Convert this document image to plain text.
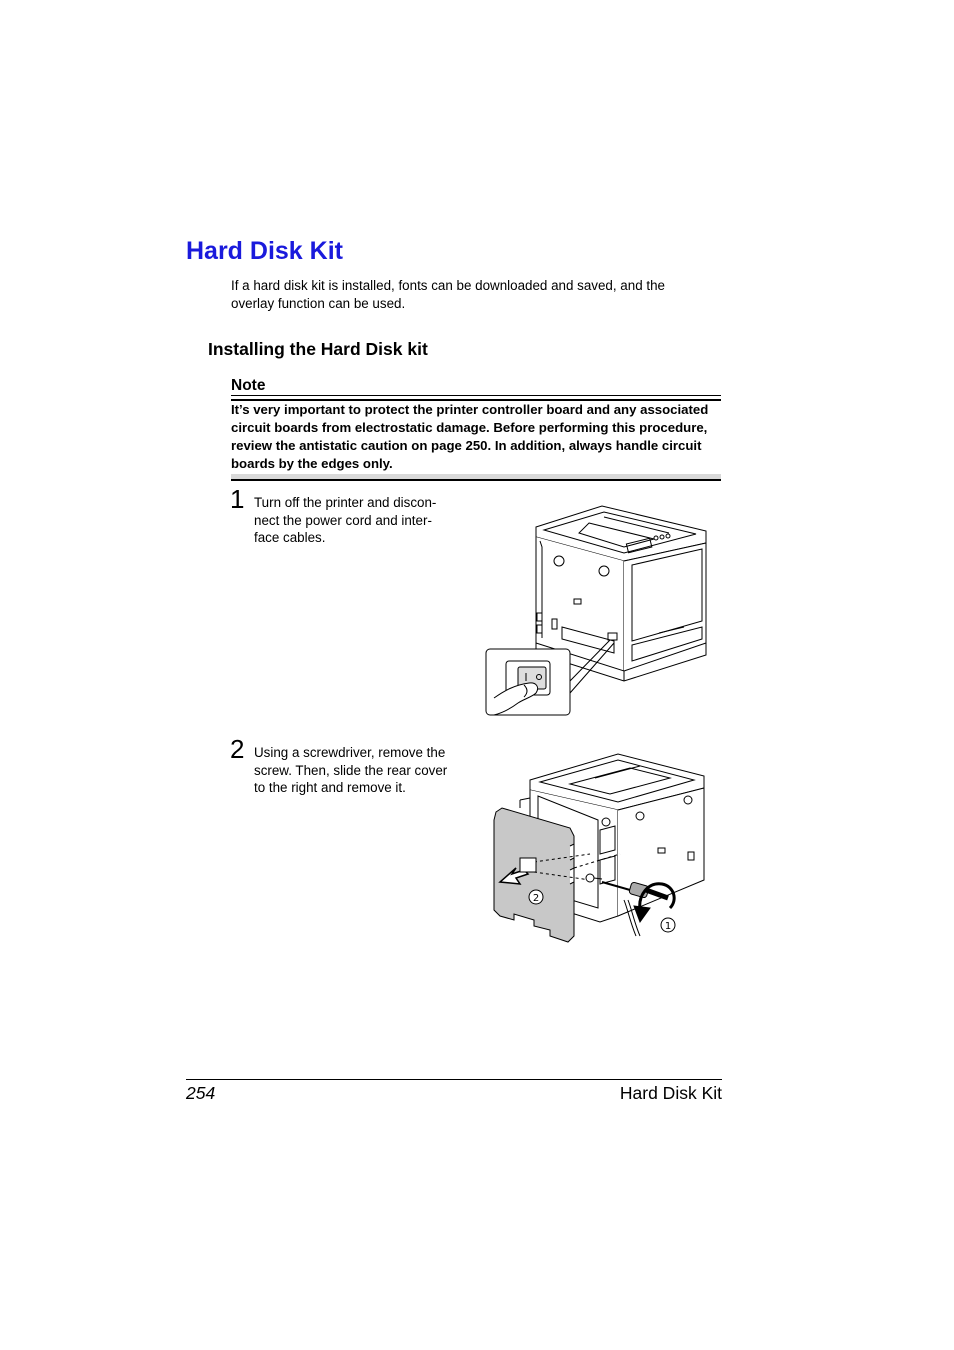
Hard Disk Kit
If a hard disk kit is installed, fonts can be downloaded and saved, and the overlay function can be used.
Installing the Hard Disk kit
Note
It’s very important to protect the printer controller board and any associated circuit boards from electrostatic damage. Before performing this procedure, review the antistatic caution on page 250. In addition, always handle circuit boards by the edges only.
1 Turn off the printer and discon-
nect the power cord and inter-
face cables.
2 Using a screwdriver, remove the
screw. Then, slide the rear cover
to the right and remove it.
2
1
254	Hard Disk Kit
